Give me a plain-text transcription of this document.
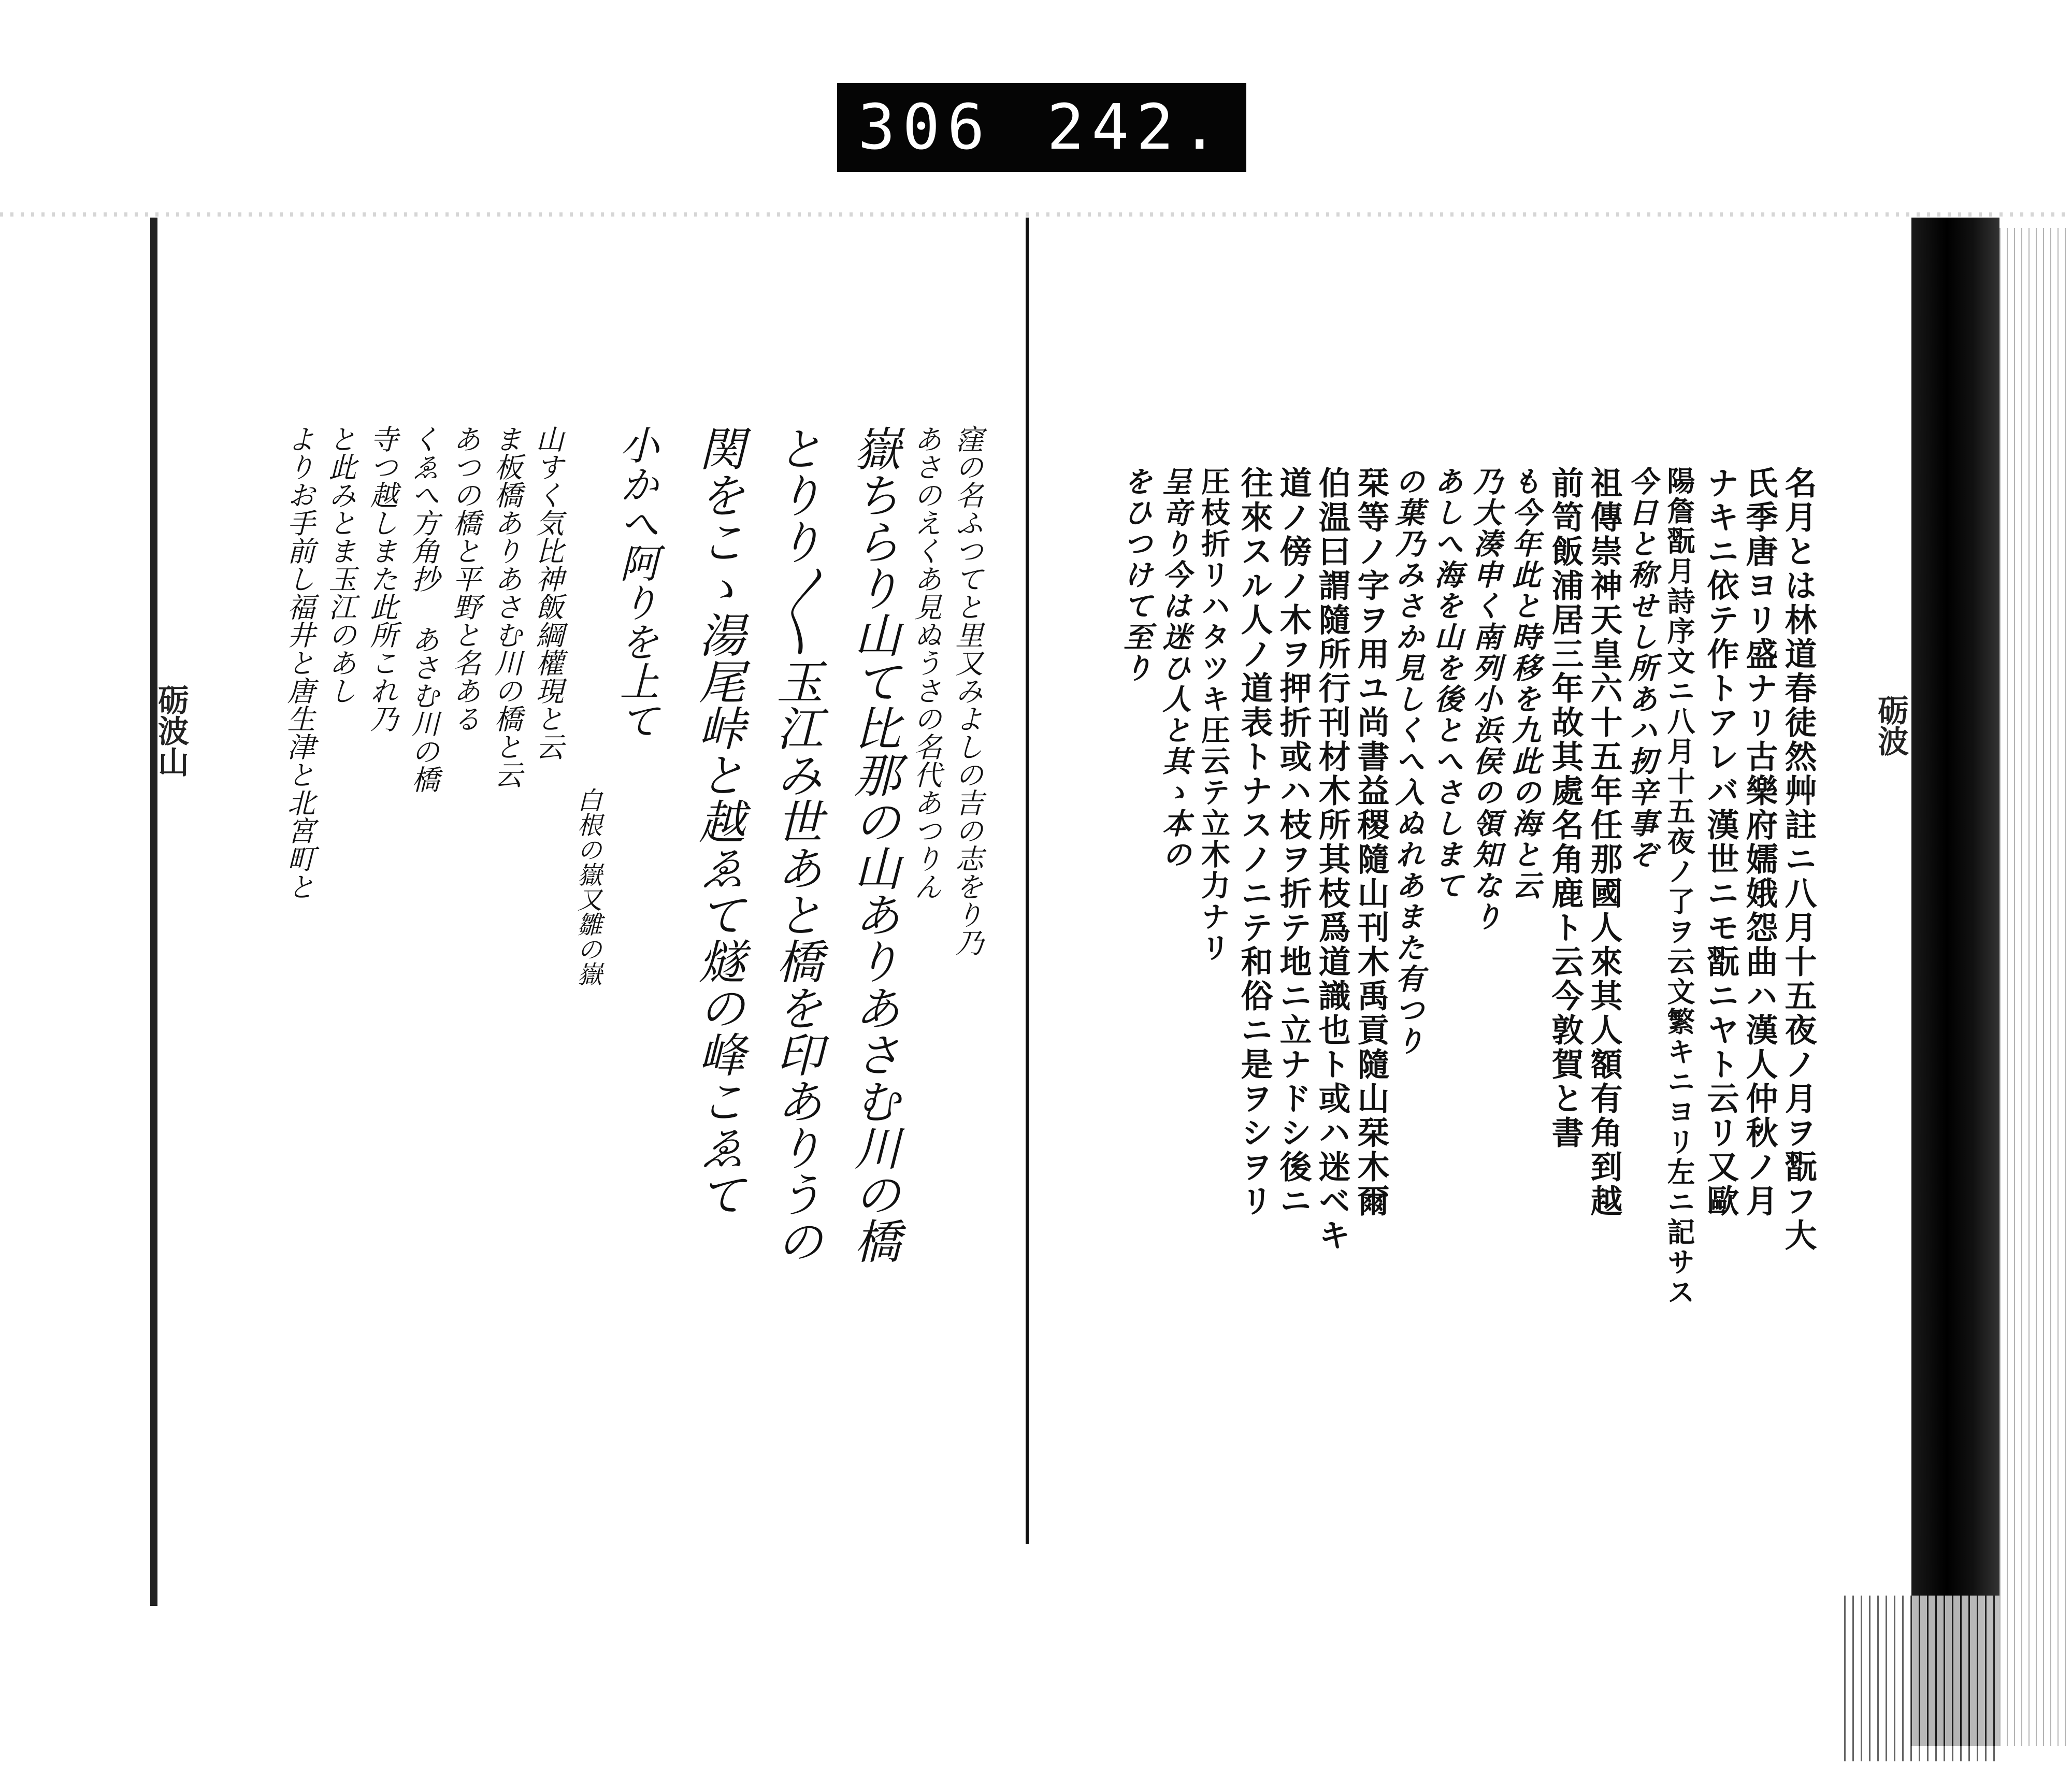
306 242.
砺波
名月とは林道春徒然艸註ニ八月十五夜ノ月ヲ翫フ大
氏季唐ヨリ盛ナリ古樂府嬬娥怨曲ハ漢人仲秋ノ月
ナキニ依テ作トアレバ漢世ニモ翫ニヤト云リ又歐
陽詹翫月詩序文ニ八月十五夜ノ了ヲ云文繁キニヨリ左ニ記サス
今日と称せし所あハ扨辛事ぞ
祖傳崇神天皇六十五年任那國人來其人額有角到越
前笥飯浦居三年故其處名角鹿ト云今敦賀と書
も今年此と時移を九此の海と云
乃大湊申く南列小浜侯の領知なり
あしへ海を山を後とへさしまて
の葉乃みさか見しくへ入ぬれあまた有つり
栞等ノ字ヲ用ユ尚書益稷隨山刊木禹貢隨山栞木爾
伯温曰謂隨所行刊材木所其枝爲道識也ト或ハ迷ベキ
道ノ傍ノ木ヲ押折或ハ枝ヲ折テ地ニ立ナドシ後ニ
往來スル人ノ道表トナスノニテ和俗ニ是ヲシヲリ
圧枝折リハタツキ圧云テ立木力ナリ
呈竒り今は迷ひ人と其ゝ本の
をひつけて至り
砺波山	窪の名ふつてと里又みよしの吉の志をり乃
あさのえくあ見ぬうさの名代あつりん
嶽ちらり山て比那の山ありあさむ川の橋
とりり〱玉江み世あと橋を印ありうの
関をこゝ湯尾峠と越ゑて燧の峰こゑて
小かへ阿りを上て
白根の嶽又雛の嶽
山すく気比神飯綱權現と云
ま板橋ありあさむ川の橋と云
あつの橋と平野と名ある
くゑへ方角抄 あさむ川の橋
寺つ越しまた此所これ乃
と此みとま玉江のあし
よりお手前し福井と唐生津と北宮町と
